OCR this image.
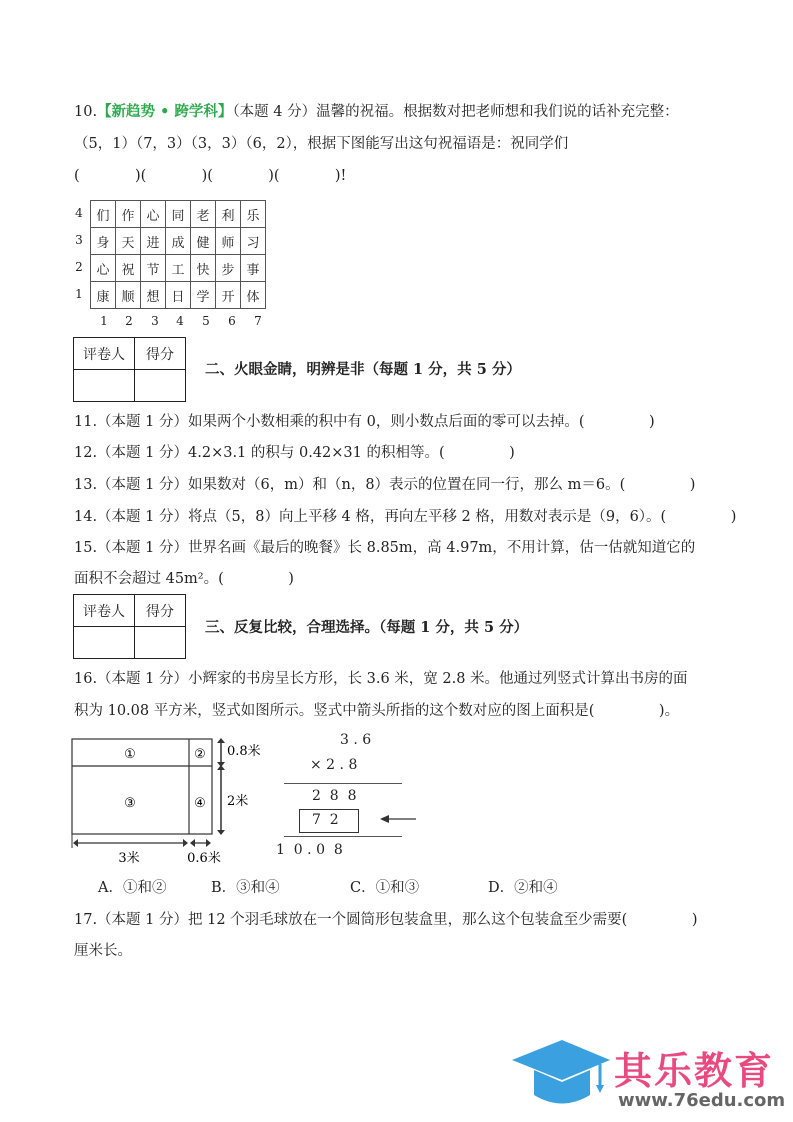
10.【新趋势 • 跨学科】（本题 4 分）温馨的祝福。根据数对把老师想和我们说的话补充完整：
（5，1）（7，3）（3，3）（6，2），根据下图能写出这句祝福语是：祝同学们
(            )(            )(            )(            )!
4
3
2
1
们	作	心	同	老	利	乐
身	天	进	成	健	师	习
心	祝	节	工	快	步	事
康	顺	想	日	学	开	体
1	2	3	4	5	6	7
评卷人	得分

二、火眼金睛，明辨是非（每题 1 分，共 5 分）
11.（本题 1 分）如果两个小数相乘的积中有 0，则小数点后面的零可以去掉。(              )
12.（本题 1 分）4.2×3.1 的积与 0.42×31 的积相等。(              )
13.（本题 1 分）如果数对（6，m）和（n，8）表示的位置在同一行，那么 m＝6。(              )
14.（本题 1 分）将点（5，8）向上平移 4 格，再向左平移 2 格，用数对表示是（9，6）。(              )
15.（本题 1 分）世界名画《最后的晚餐》长 8.85m，高 4.97m，不用计算，估一估就知道它的
面积不会超过 45m²。(              )
评卷人	得分

三、反复比较，合理选择。（每题 1 分，共 5 分）
16.（本题 1 分）小辉家的书房呈长方形，长 3.6 米，宽 2.8 米。他通过列竖式计算出书房的面
积为 10.08 平方米，竖式如图所示。竖式中箭头所指的这个数对应的图上面积是(              )。
①	②
③	④
0.8米
2米
3米	0.6米
3 . 6
× 2 . 8
2  8  8
7  2
1  0 . 0  8
A．①和②	B．③和④	C．①和③	D．②和④
17.（本题 1 分）把 12 个羽毛球放在一个圆筒形包装盒里，那么这个包装盒至少需要(              )
厘米长。
其乐教育
www.76edu.com
